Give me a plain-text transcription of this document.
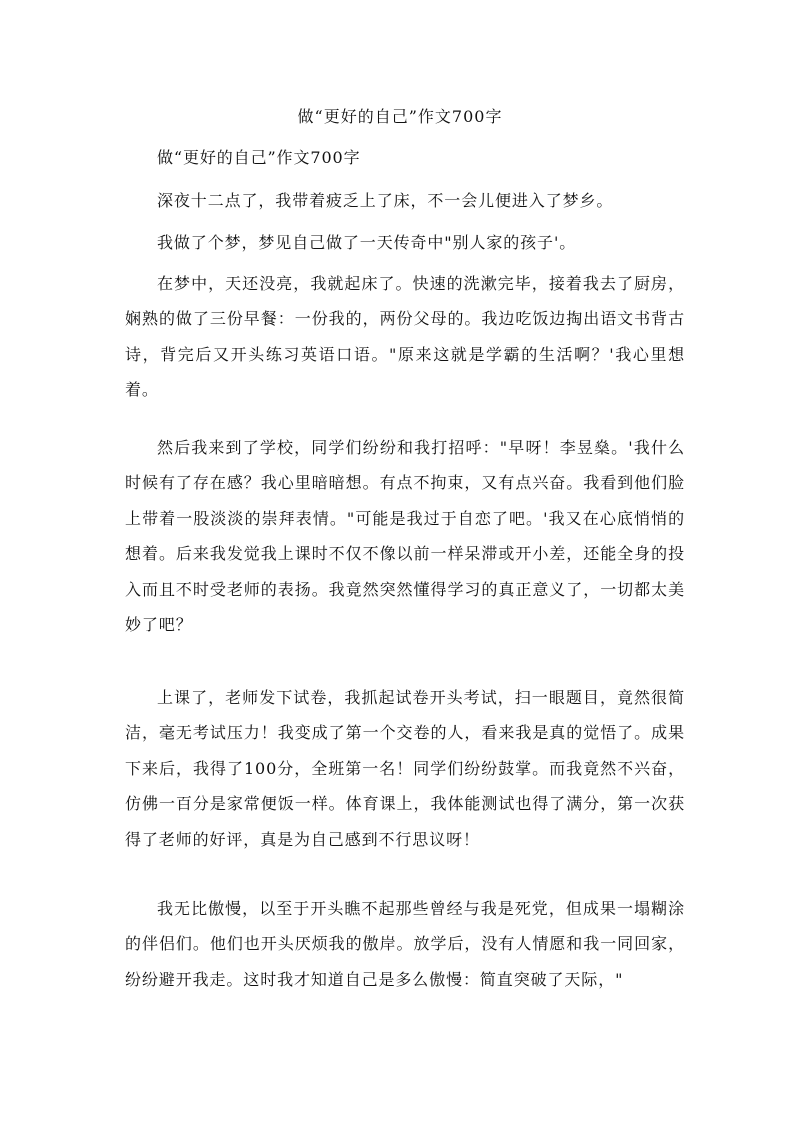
做“更好的自己”作文700字

做“更好的自己”作文700字

深夜十二点了，我带着疲乏上了床，不一会儿便进入了梦乡。

我做了个梦，梦见自己做了一天传奇中"别人家的孩子'。

在梦中，天还没亮，我就起床了。快速的洗漱完毕，接着我去了厨房，娴熟的做了三份早餐：一份我的，两份父母的。我边吃饭边掏出语文书背古诗，背完后又开头练习英语口语。"原来这就是学霸的生活啊？'我心里想着。

然后我来到了学校，同学们纷纷和我打招呼："早呀！李昱燊。'我什么时候有了存在感？我心里暗暗想。有点不拘束，又有点兴奋。我看到他们脸上带着一股淡淡的崇拜表情。"可能是我过于自恋了吧。'我又在心底悄悄的想着。后来我发觉我上课时不仅不像以前一样呆滞或开小差，还能全身的投入而且不时受老师的表扬。我竟然突然懂得学习的真正意义了，一切都太美妙了吧？

上课了，老师发下试卷，我抓起试卷开头考试，扫一眼题目，竟然很简洁，毫无考试压力！我变成了第一个交卷的人，看来我是真的觉悟了。成果下来后，我得了100分，全班第一名！同学们纷纷鼓掌。而我竟然不兴奋，仿佛一百分是家常便饭一样。体育课上，我体能测试也得了满分，第一次获得了老师的好评，真是为自己感到不行思议呀！

我无比傲慢，以至于开头瞧不起那些曾经与我是死党，但成果一塌糊涂的伴侣们。他们也开头厌烦我的傲岸。放学后，没有人情愿和我一同回家，纷纷避开我走。这时我才知道自己是多么傲慢：简直突破了天际，"
